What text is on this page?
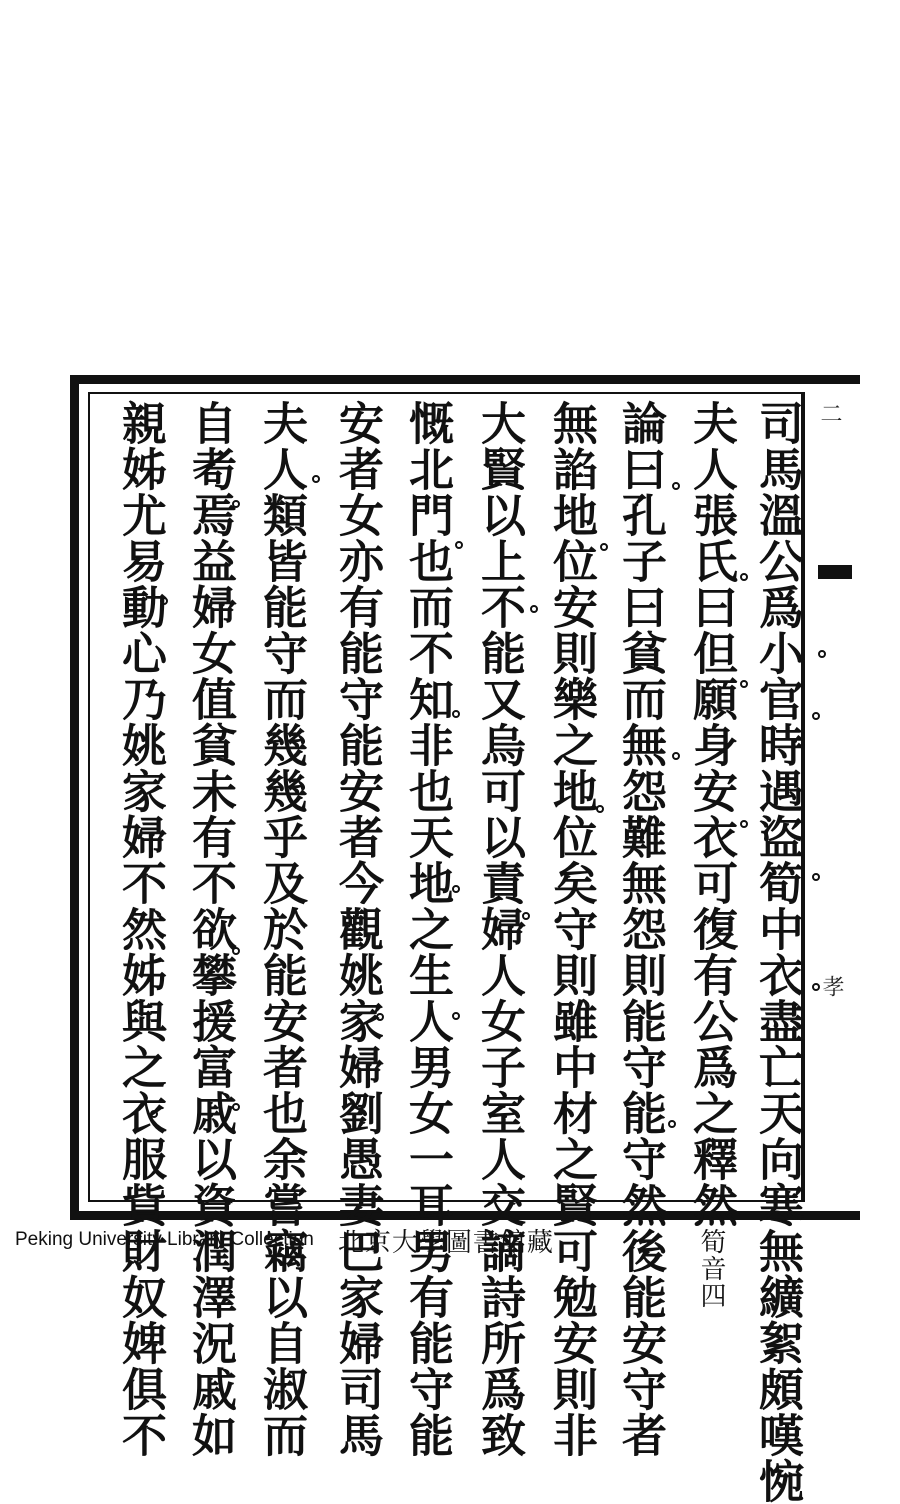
二
孝
司馬溫公爲小官時遇盜筍中衣盡亡天向寒無纊絮頗嘆惋
夫人張氏曰但願身安衣可復有公爲之釋然筍音四
論曰孔子曰貧而無怨難無怨則能守能守然後能安守者
無諂地位安則樂之地位矣守則雖中材之賢可勉安則非
大賢以上不能又烏可以責婦人女子室人交謫詩所爲致
慨北門也而不知非也天地之生人男女一耳男有能守能
安者女亦有能守能安者今觀姚家婦劉愚妻巴家婦司馬
夫人類皆能守而幾幾乎及於能安者也余嘗竊以自淑而
自耇焉益婦女值貧未有不欲攀援富戚以資潤澤況戚如
親姊尤易動心乃姚家婦不然姊與之衣服貲財奴婢俱不
Peking University Library Collection 北京大學圖書館藏
